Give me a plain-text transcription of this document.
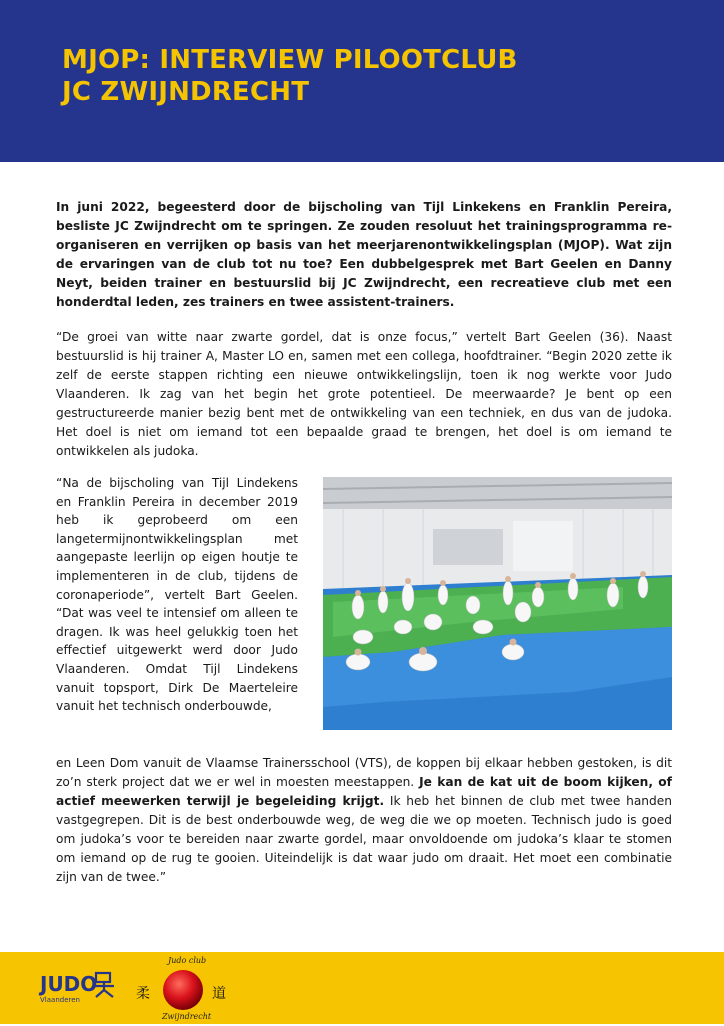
MJOP: INTERVIEW PILOOTCLUB
JC ZWIJNDRECHT

In juni 2022, begeesterd door de bijscholing van Tijl Linkekens en Franklin Pereira, besliste JC Zwijndrecht om te springen. Ze zouden resoluut het trainingsprogramma re-organiseren en verrijken op basis van het meerjarenontwikkelingsplan (MJOP). Wat zijn de ervaringen van de club tot nu toe? Een dubbelgesprek met Bart Geelen en Danny Neyt, beiden trainer en bestuurslid bij JC Zwijndrecht, een recreatieve club met een honderdtal leden, zes trainers en twee assistent-trainers.

“De groei van witte naar zwarte gordel, dat is onze focus,” vertelt Bart Geelen (36). Naast bestuurslid is hij trainer A, Master LO en, samen met een collega, hoofdtrainer. “Begin 2020 zette ik zelf de eerste stappen richting een nieuwe ontwikkelingslijn, toen ik nog werkte voor Judo Vlaanderen. Ik zag van het begin het grote potentieel. De meerwaarde? Je bent op een gestructureerde manier bezig bent met de ontwikkeling van een techniek, en dus van de judoka. Het doel is niet om iemand tot een bepaalde graad te brengen, het doel is om iemand te ontwikkelen als judoka.

“Na de bijscholing van Tijl Lindekens en Franklin Pereira in december 2019 heb ik geprobeerd om een langetermijnontwikkelingsplan met aangepaste leerlijn op eigen houtje te implementeren in de club, tijdens de coronaperiode”, vertelt Bart Geelen. “Dat was veel te intensief om alleen te dragen. Ik was heel gelukkig toen het effectief uitgewerkt werd door Judo Vlaanderen. Omdat Tijl Lindekens vanuit topsport, Dirk De Maerteleire vanuit het technisch onderbouwde,

en Leen Dom vanuit de Vlaamse Trainersschool (VTS), de koppen bij elkaar hebben gestoken, is dit zo’n sterk project dat we er wel in moesten meestappen. Je kan de kat uit de boom kijken, of actief meewerken terwijl je begeleiding krijgt. Ik heb het binnen de club met twee handen vastgegrepen. Dit is de best onderbouwde weg, de weg die we op moeten. Technisch judo is goed om judoka’s voor te bereiden naar zwarte gordel, maar onvoldoende om judoka’s klaar te stomen om iemand op de rug te gooien. Uiteindelijk is dat waar judo om draait. Het moet een combinatie zijn van de twee.”

JUDO
Vlaanderen
Judo club
柔	道
Zwijndrecht
